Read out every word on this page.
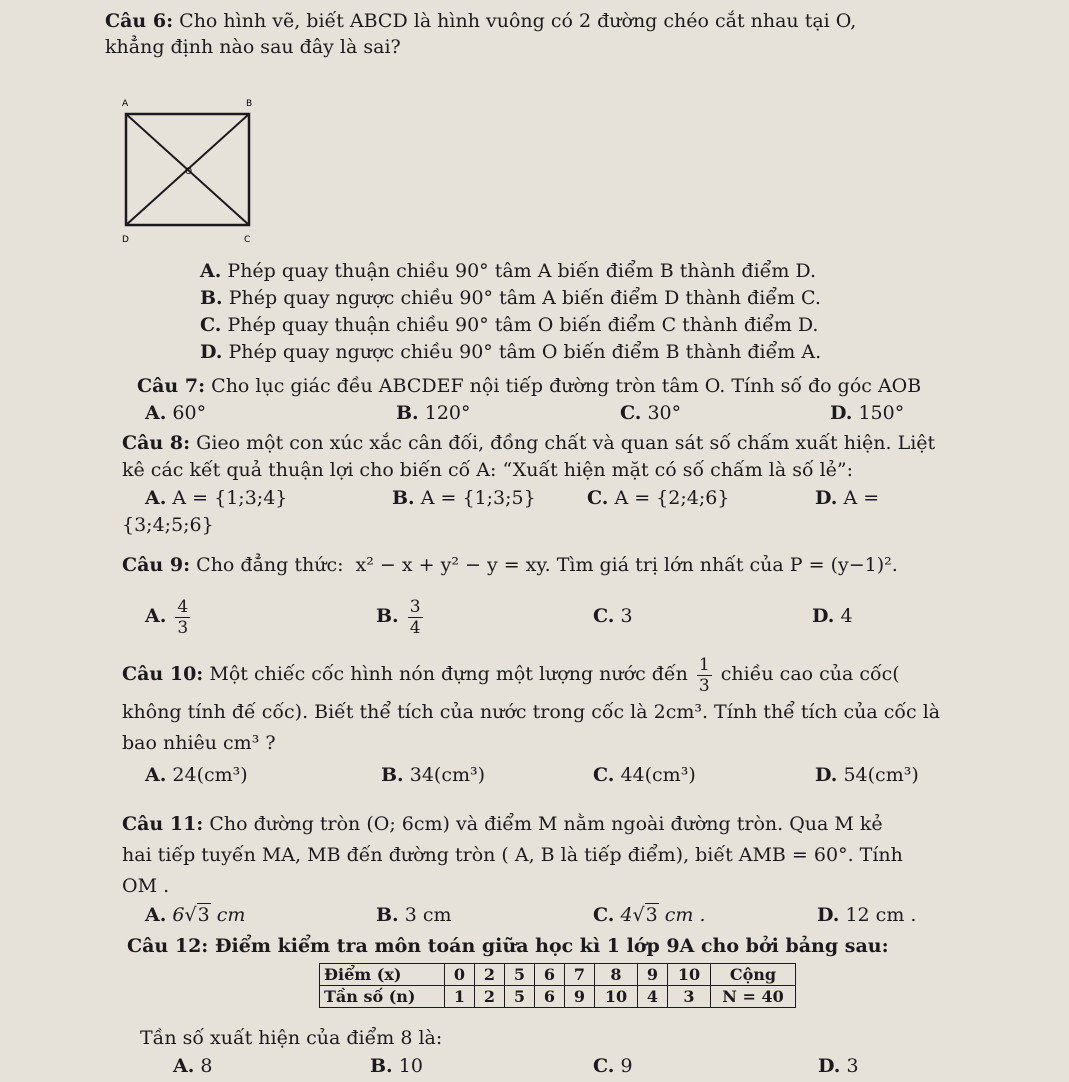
Câu 6: Cho hình vẽ, biết ABCD là hình vuông có 2 đường chéo cắt nhau tại O,
khẳng định nào sau đây là sai?
A	B
C
D
O
A. Phép quay thuận chiều 90° tâm A biến điểm B thành điểm D.
B. Phép quay ngược chiều 90° tâm A biến điểm D thành điểm C.
C. Phép quay thuận chiều 90° tâm O biến điểm C thành điểm D.
D. Phép quay ngược chiều 90° tâm O biến điểm B thành điểm A.
Câu 7: Cho lục giác đều ABCDEF nội tiếp đường tròn tâm O. Tính số đo góc AOB
A. 60°	B. 120°	C. 30°	D. 150°
Câu 8: Gieo một con xúc xắc cân đối, đồng chất và quan sát số chấm xuất hiện. Liệt
kê các kết quả thuận lợi cho biến cố A: “Xuất hiện mặt có số chấm là số lẻ”:
A. A = {1;3;4}	B. A = {1;3;5}	C. A = {2;4;6}	D. A =
{3;4;5;6}
Câu 9: Cho đẳng thức: x² − x + y² − y = xy. Tìm giá trị lớn nhất của P = (y−1)².
A. $\frac{4}{3}$	B. $\frac{3}{4}$	C. 3	D. 4
Câu 10: Một chiếc cốc hình nón đựng một lượng nước đến $\frac{1}{3}$ chiều cao của cốc(
không tính đế cốc). Biết thể tích của nước trong cốc là 2cm³. Tính thể tích của cốc là
bao nhiêu cm³ ?
A. 24(cm³)	B. 34(cm³)	C. 44(cm³)	D. 54(cm³)
Câu 11: Cho đường tròn (O; 6cm) và điểm M nằm ngoài đường tròn. Qua M kẻ
hai tiếp tuyến MA, MB đến đường tròn ( A, B là tiếp điểm), biết AMB = 60°. Tính
OM .
A. 6√3 cm	B. 3 cm	C. 4√3 cm .	D. 12 cm .
Câu 12: Điểm kiểm tra môn toán giữa học kì 1 lớp 9A cho bởi bảng sau:
Điểm (x)	0	2	5	6	7	8	9	10	Cộng
Tần số (n)	1	2	5	6	9	10	4	3	N = 40
Tần số xuất hiện của điểm 8 là:
A. 8	B. 10	C. 9	D. 3
